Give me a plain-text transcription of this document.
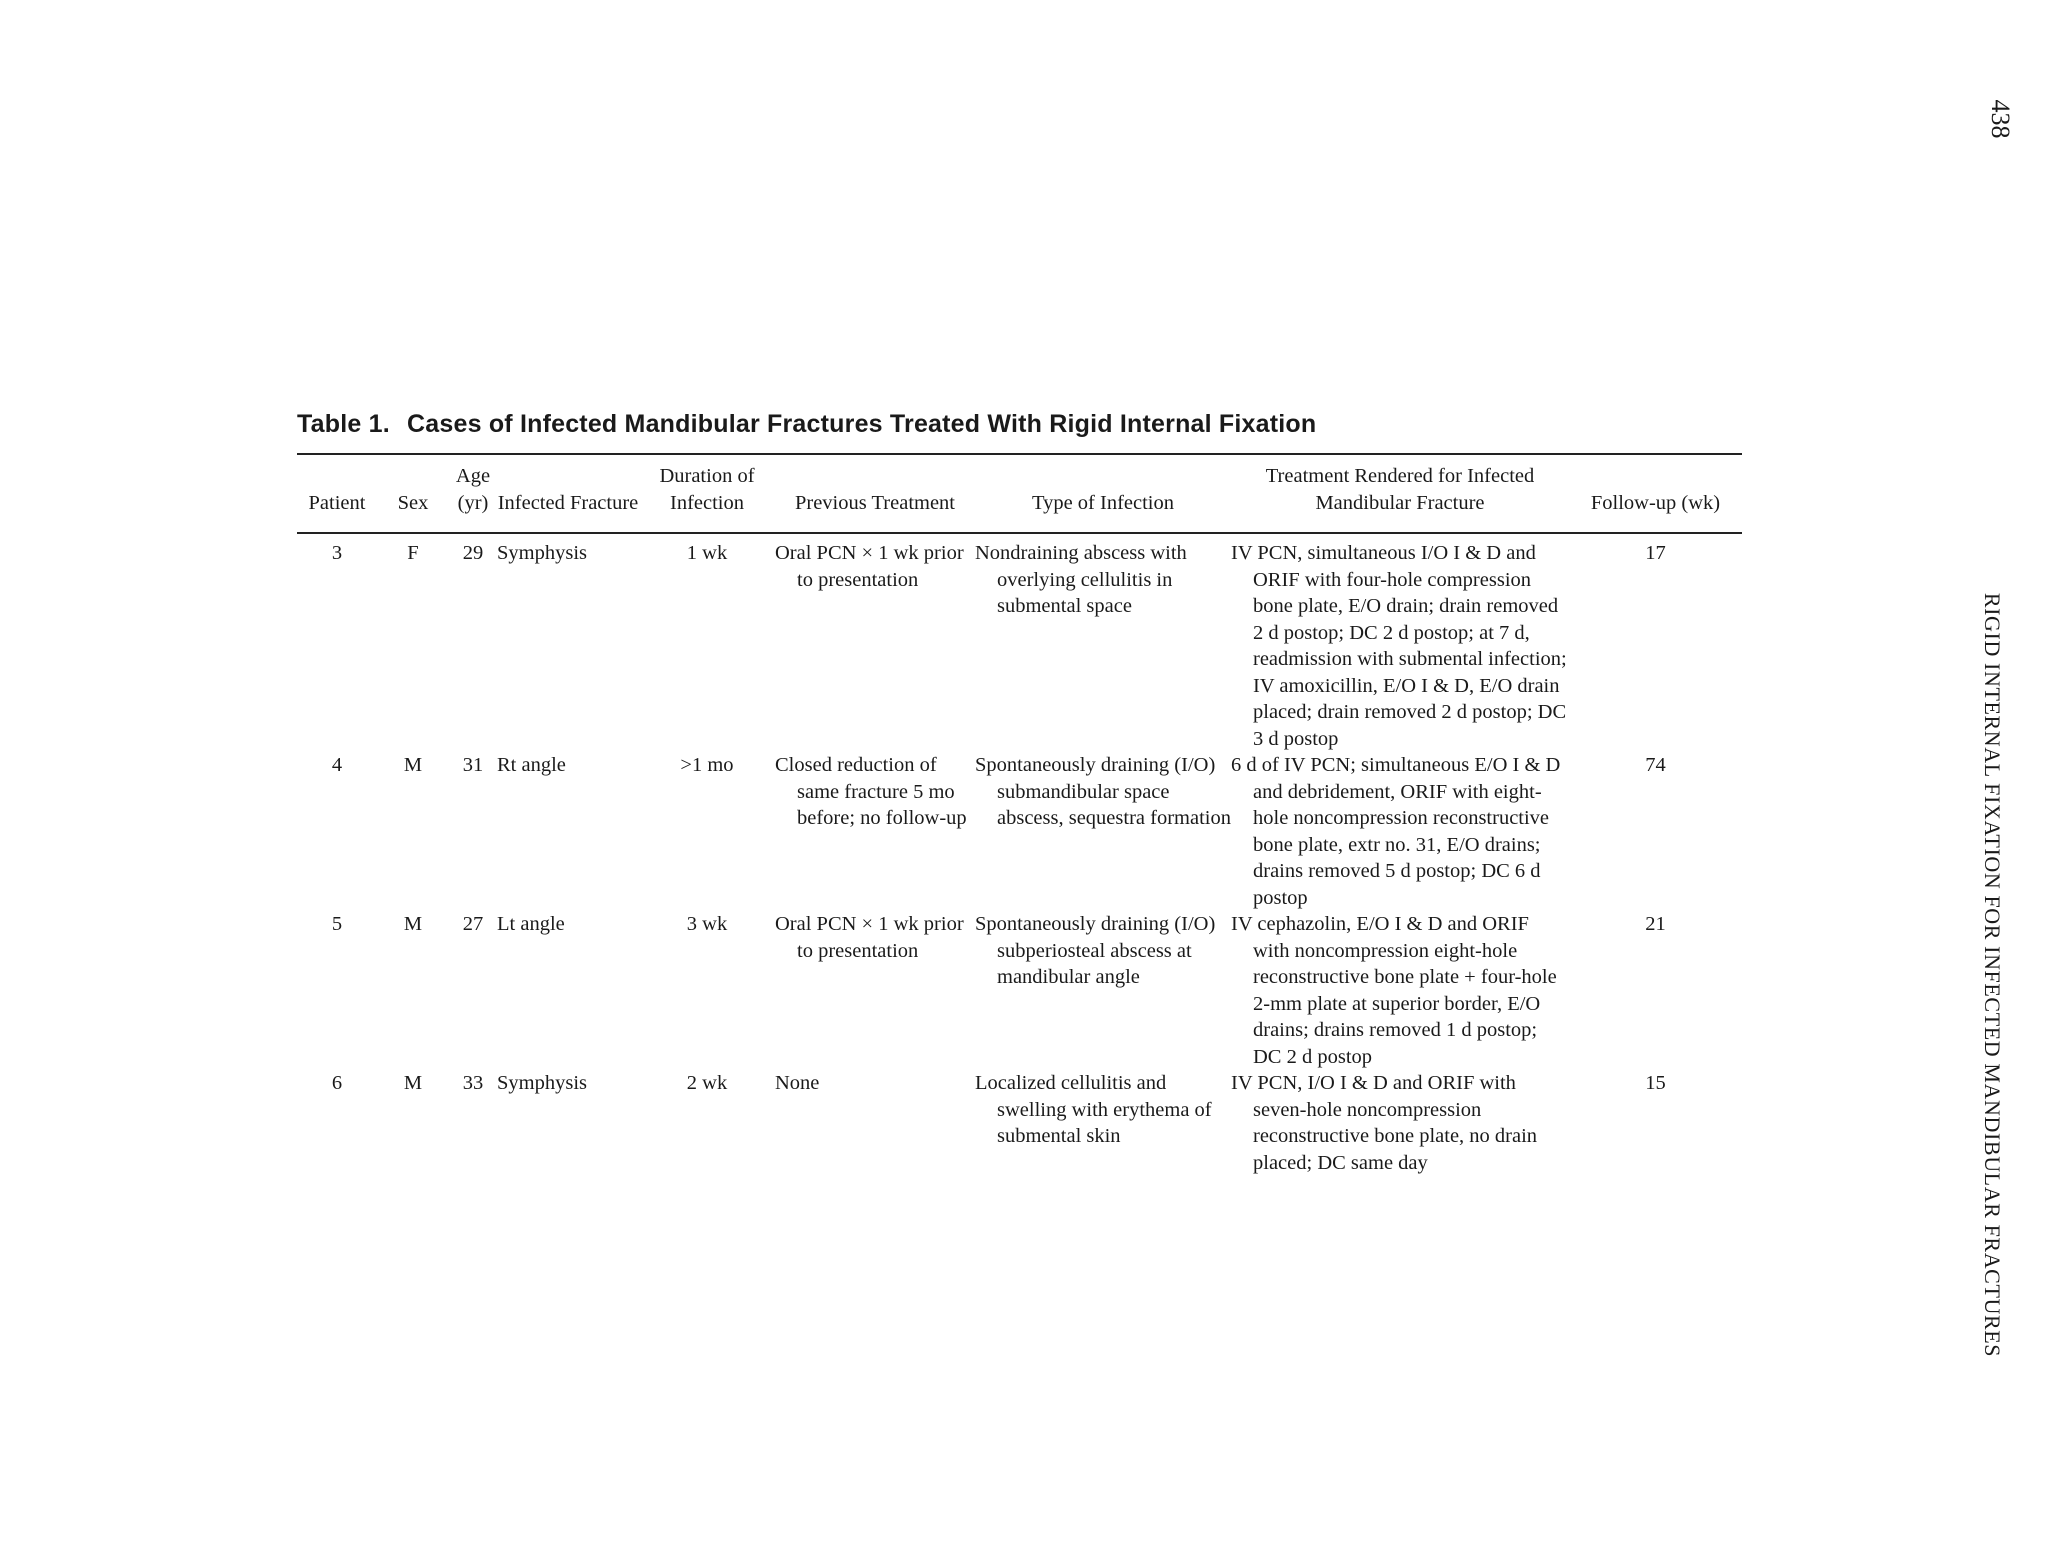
438

RIGID INTERNAL FIXATION FOR INFECTED MANDIBULAR FRACTURES

Table 1. Cases of Infected Mandibular Fractures Treated With Rigid Internal Fixation
Patient	Sex	Age (yr)	Infected Fracture	Duration of Infection	Previous Treatment	Type of Infection	Treatment Rendered for Infected Mandibular Fracture	Follow-up (wk)
3	F	29	Symphysis	1 wk	Oral PCN × 1 wk prior to presentation	Nondraining abscess with overlying cellulitis in submental space	IV PCN, simultaneous I/O I & D and ORIF with four-hole compression bone plate, E/O drain; drain removed 2 d postop; DC 2 d postop; at 7 d, readmission with submental infection; IV amoxicillin, E/O I & D, E/O drain placed; drain removed 2 d postop; DC 3 d postop	17
4	M	31	Rt angle	>1 mo	Closed reduction of same fracture 5 mo before; no follow-up	Spontaneously draining (I/O) submandibular space abscess, sequestra formation	6 d of IV PCN; simultaneous E/O I & D and debridement, ORIF with eight-hole noncompression reconstructive bone plate, extr no. 31, E/O drains; drains removed 5 d postop; DC 6 d postop	74
5	M	27	Lt angle	3 wk	Oral PCN × 1 wk prior to presentation	Spontaneously draining (I/O) subperiosteal abscess at mandibular angle	IV cephazolin, E/O I & D and ORIF with noncompression eight-hole reconstructive bone plate + four-hole 2-mm plate at superior border, E/O drains; drains removed 1 d postop; DC 2 d postop	21
6	M	33	Symphysis	2 wk	None	Localized cellulitis and swelling with erythema of submental skin	IV PCN, I/O I & D and ORIF with seven-hole noncompression reconstructive bone plate, no drain placed; DC same day	15
